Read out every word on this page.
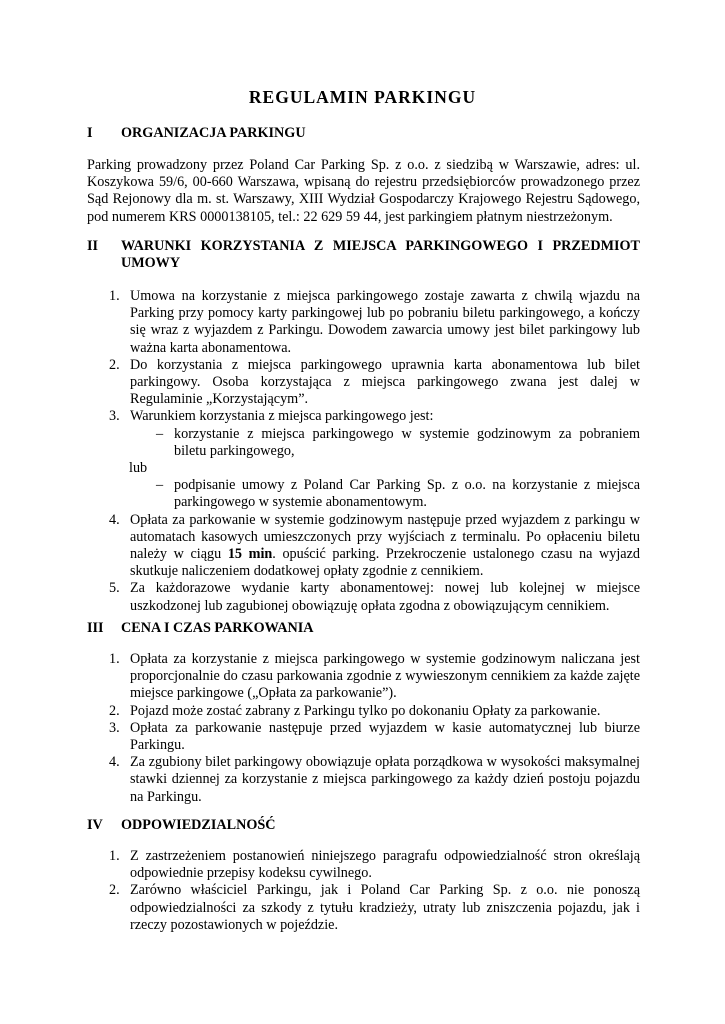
REGULAMIN PARKINGU
I	ORGANIZACJA PARKINGU

Parking prowadzony przez Poland Car Parking Sp. z o.o. z siedzibą w Warszawie, adres: ul. Koszykowa 59/6, 00-660 Warszawa, wpisaną do rejestru przedsiębiorców prowadzonego przez Sąd Rejonowy dla m. st. Warszawy, XIII Wydział Gospodarczy Krajowego Rejestru Sądowego, pod numerem KRS 0000138105, tel.: 22 629 59 44, jest parkingiem płatnym niestrzeżonym.

II	WARUNKI KORZYSTANIA Z MIEJSCA PARKINGOWEGO I PRZEDMIOT UMOWY
1. Umowa na korzystanie z miejsca parkingowego zostaje zawarta z chwilą wjazdu na Parking przy pomocy karty parkingowej lub po pobraniu biletu parkingowego, a kończy się wraz z wyjazdem z Parkingu. Dowodem zawarcia umowy jest bilet parkingowy lub ważna karta abonamentowa.
2. Do korzystania z miejsca parkingowego uprawnia karta abonamentowa lub bilet parkingowy. Osoba korzystająca z miejsca parkingowego zwana jest dalej w Regulaminie „Korzystającym”.
3. Warunkiem korzystania z miejsca parkingowego jest:
– korzystanie z miejsca parkingowego w systemie godzinowym za pobraniem biletu parkingowego,
lub
– podpisanie umowy z Poland Car Parking Sp. z o.o. na korzystanie z miejsca parkingowego w systemie abonamentowym.
4. Opłata za parkowanie w systemie godzinowym następuje przed wyjazdem z parkingu w automatach kasowych umieszczonych przy wyjściach z terminalu. Po opłaceniu biletu należy w ciągu 15 min. opuścić parking. Przekroczenie ustalonego czasu na wyjazd skutkuje naliczeniem dodatkowej opłaty zgodnie z cennikiem.
5. Za każdorazowe wydanie karty abonamentowej: nowej lub kolejnej w miejsce uszkodzonej lub zagubionej obowiązuję opłata zgodna z obowiązującym cennikiem.
III	CENA I CZAS PARKOWANIA
1. Opłata za korzystanie z miejsca parkingowego w systemie godzinowym naliczana jest proporcjonalnie do czasu parkowania zgodnie z wywieszonym cennikiem za każde zajęte miejsce parkingowe („Opłata za parkowanie”).
2. Pojazd może zostać zabrany z Parkingu tylko po dokonaniu Opłaty za parkowanie.
3. Opłata za parkowanie następuje przed wyjazdem w kasie automatycznej lub biurze Parkingu.
4. Za zgubiony bilet parkingowy obowiązuje opłata porządkowa w wysokości maksymalnej stawki dziennej za korzystanie z miejsca parkingowego za każdy dzień postoju pojazdu na Parkingu.
IV	ODPOWIEDZIALNOŚĆ
1. Z zastrzeżeniem postanowień niniejszego paragrafu odpowiedzialność stron określają odpowiednie przepisy kodeksu cywilnego.
2. Zarówno właściciel Parkingu, jak i Poland Car Parking Sp. z o.o. nie ponoszą odpowiedzialności za szkody z tytułu kradzieży, utraty lub zniszczenia pojazdu, jak i rzeczy pozostawionych w pojeździe.
